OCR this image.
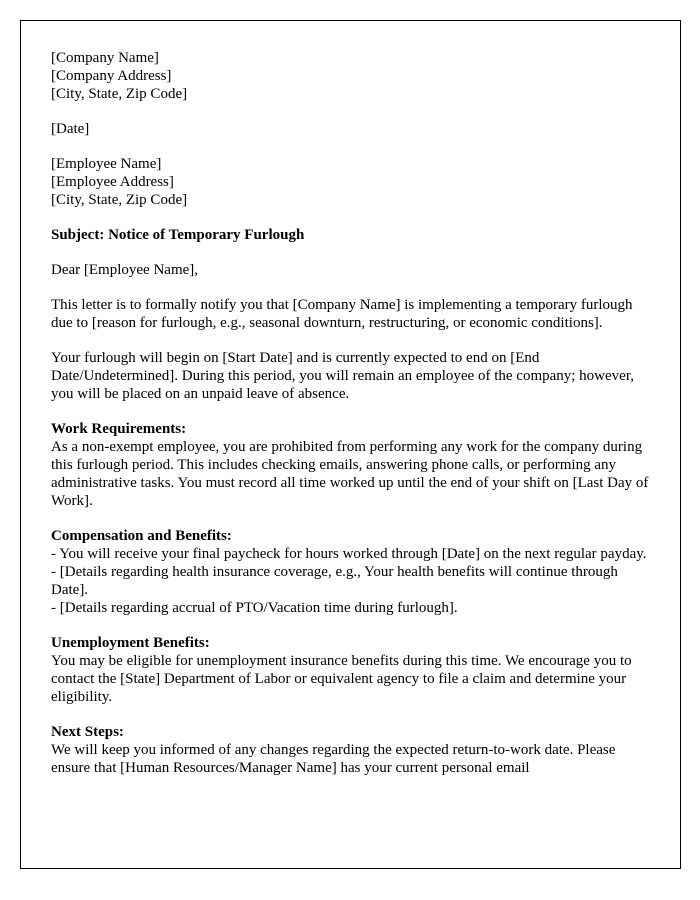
[Company Name]
[Company Address]
[City, State, Zip Code]
[Date]
[Employee Name]
[Employee Address]
[City, State, Zip Code]

Subject: Notice of Temporary Furlough

Dear [Employee Name],

This letter is to formally notify you that [Company Name] is implementing a temporary furlough due to [reason for furlough, e.g., seasonal downturn, restructuring, or economic conditions].

Your furlough will begin on [Start Date] and is currently expected to end on [End Date/Undetermined]. During this period, you will remain an employee of the company; however, you will be placed on an unpaid leave of absence.

Work Requirements:
As a non-exempt employee, you are prohibited from performing any work for the company during this furlough period. This includes checking emails, answering phone calls, or performing any administrative tasks. You must record all time worked up until the end of your shift on [Last Day of Work].
Compensation and Benefits:
- You will receive your final paycheck for hours worked through [Date] on the next regular payday.
- [Details regarding health insurance coverage, e.g., Your health benefits will continue through Date].
- [Details regarding accrual of PTO/Vacation time during furlough].
Unemployment Benefits:
You may be eligible for unemployment insurance benefits during this time. We encourage you to contact the [State] Department of Labor or equivalent agency to file a claim and determine your eligibility.
Next Steps:
We will keep you informed of any changes regarding the expected return-to-work date. Please ensure that [Human Resources/Manager Name] has your current personal email
